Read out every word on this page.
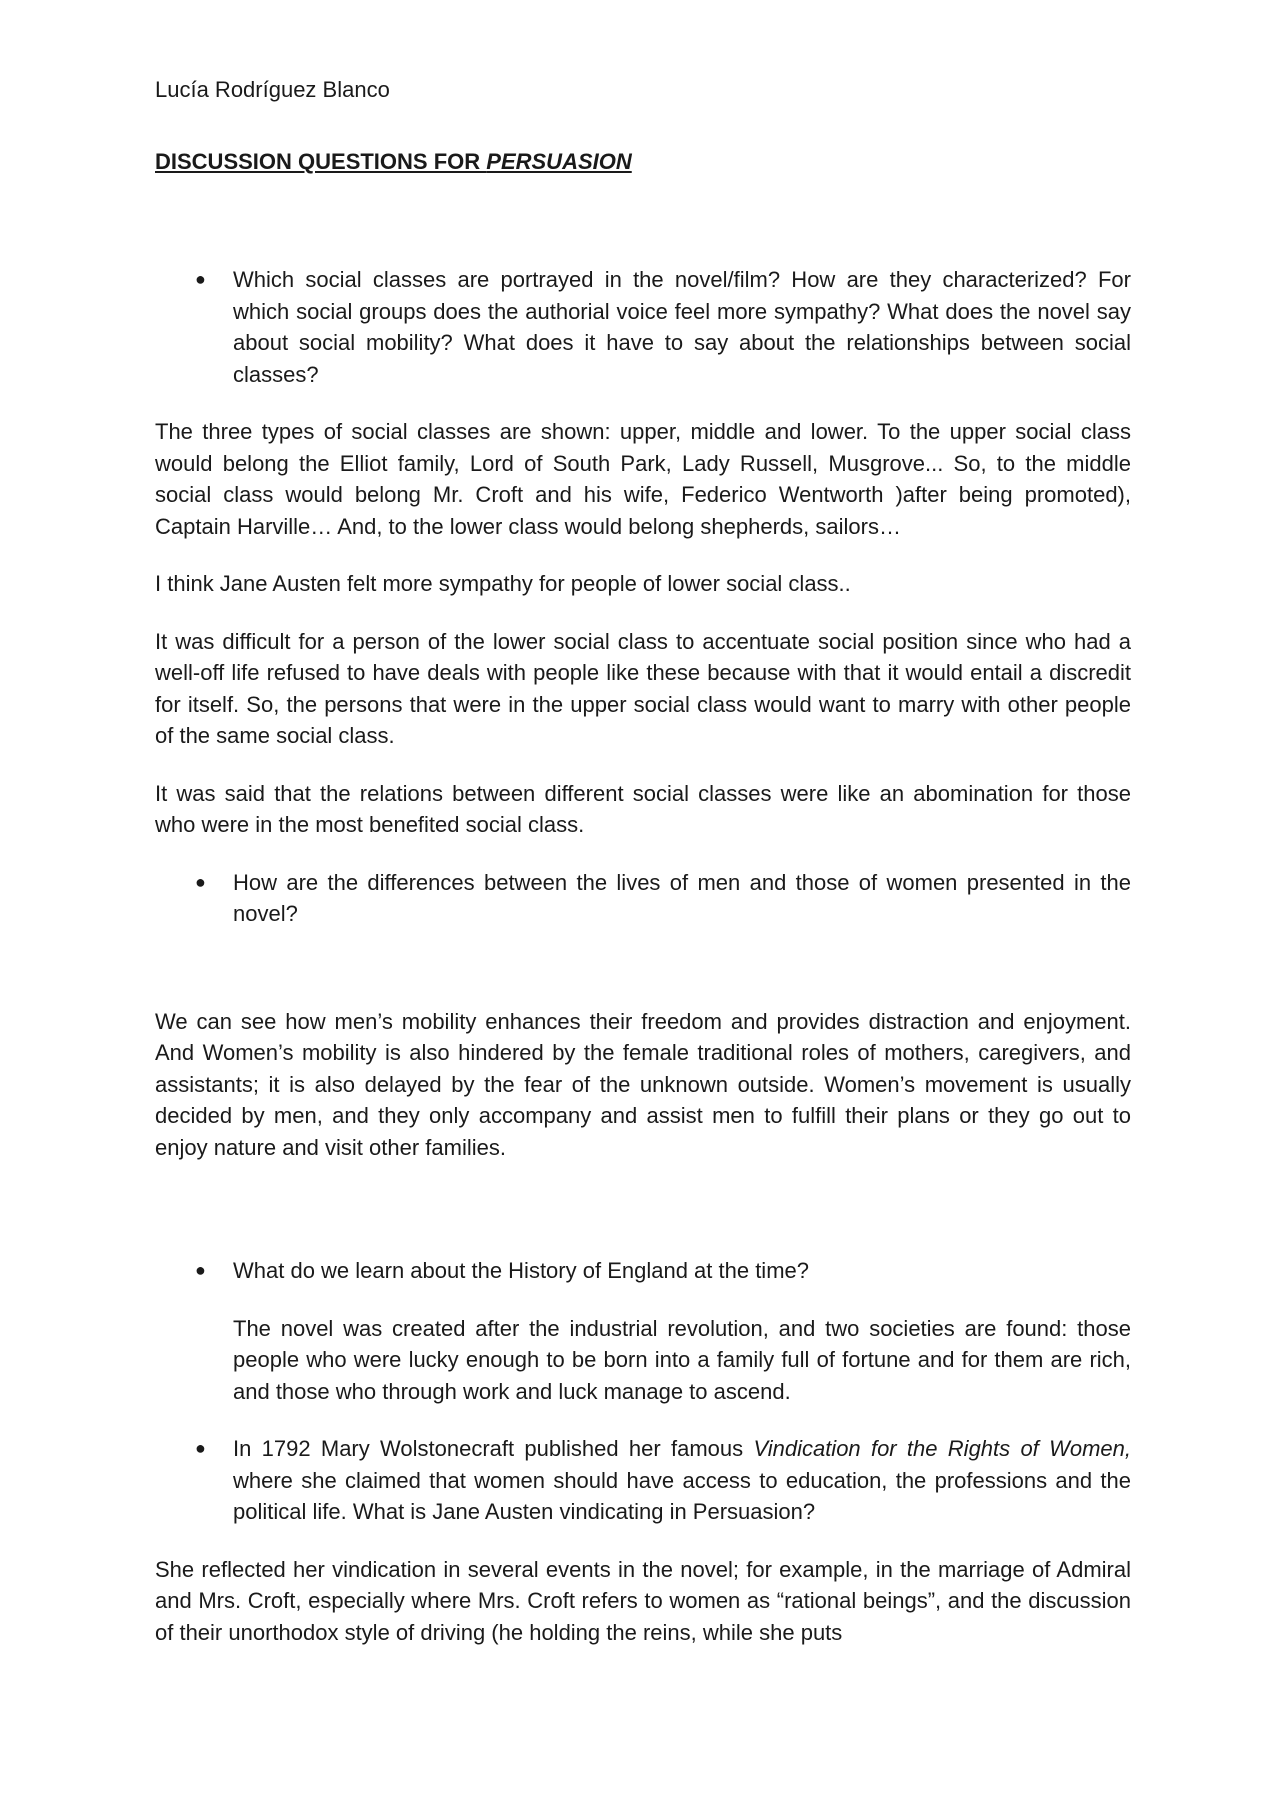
Lucía Rodríguez Blanco
DISCUSSION QUESTIONS FOR PERSUASION
● Which social classes are portrayed in the novel/film? How are they characterized? For which social groups does the authorial voice feel more sympathy? What does the novel say about social mobility? What does it have to say about the relationships between social classes?

The three types of social classes are shown: upper, middle and lower. To the upper social class would belong the Elliot family, Lord of South Park, Lady Russell, Musgrove... So, to the middle social class would belong Mr. Croft and his wife, Federico Wentworth )after being promoted), Captain Harville… And, to the lower class would belong shepherds, sailors…

I think Jane Austen felt more sympathy for people of lower social class..

It was difficult for a person of the lower social class to accentuate social position since who had a well-off life refused to have deals with people like these because with that it would entail a discredit for itself. So, the persons that were in the upper social class would want to marry with other people of the same social class.

It was said that the relations between different social classes were like an abomination for those who were in the most benefited social class.

● How are the differences between the lives of men and those of women presented in the novel?

We can see how men’s mobility enhances their freedom and provides distraction and enjoyment. And Women’s mobility is also hindered by the female traditional roles of mothers, caregivers, and assistants; it is also delayed by the fear of the unknown outside. Women’s movement is usually decided by men, and they only accompany and assist men to fulfill their plans or they go out to enjoy nature and visit other families.

● What do we learn about the History of England at the time?

The novel was created after the industrial revolution, and two societies are found: those people who were lucky enough to be born into a family full of fortune and for them are rich, and those who through work and luck manage to ascend.

● In 1792 Mary Wolstonecraft published her famous Vindication for the Rights of Women, where she claimed that women should have access to education, the professions and the political life. What is Jane Austen vindicating in Persuasion?

She reflected her vindication in several events in the novel; for example, in the marriage of Admiral and Mrs. Croft, especially where Mrs. Croft refers to women as “rational beings”, and the discussion of their unorthodox style of driving (he holding the reins, while she puts
